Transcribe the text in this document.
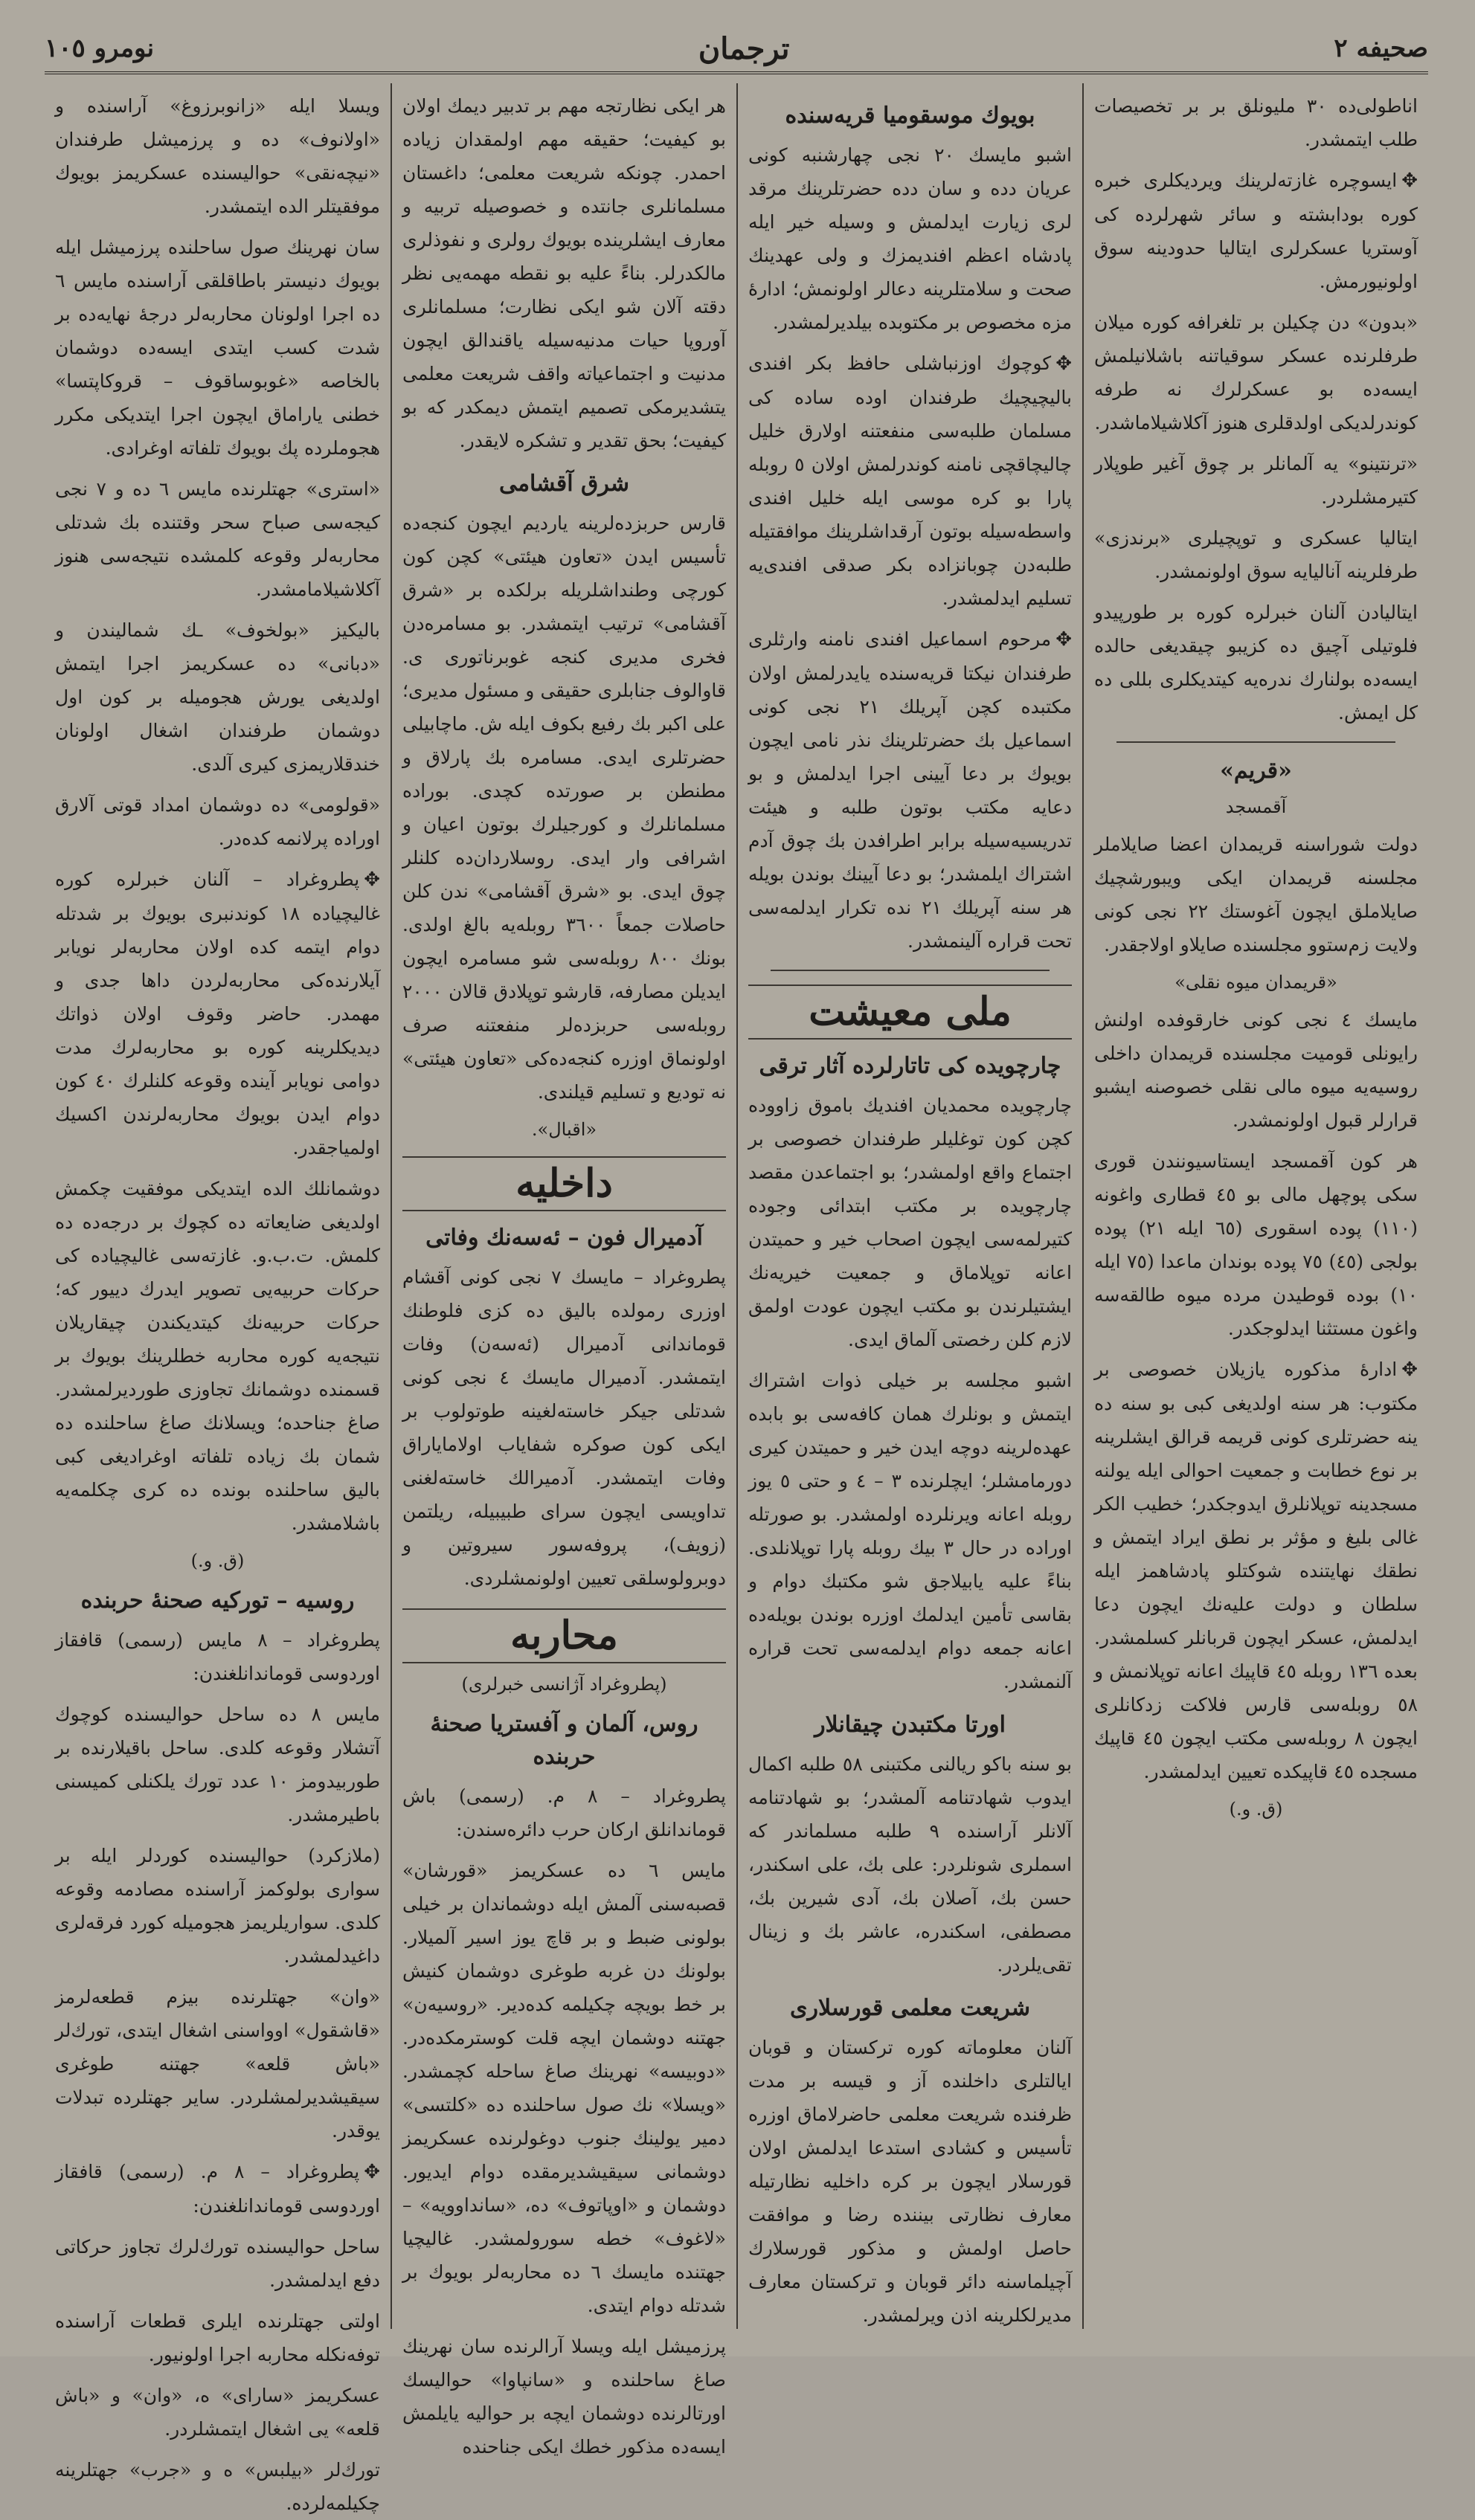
صحيفه ۲
ترجمان
نومرو ١٠٥

اناطولى‌ده ۳۰ مليونلق بر بر تخصيصات طلب ايتمشدر.

✥ايسوچره غازته‌لرينك ويرديكلرى خبره كوره بودابشته و سائر شهرلرده كى آوستريا عسكرلرى ايتاليا حدودينه سوق اولونيورمش.

«بدون» دن چكيلن بر تلغرافه كوره ميلان طرفلرنده عسكر سوقياتنه باشلانيلمش ايسه‌ده بو عسكرلرك نه طرفه كوندرلديكى اولدقلرى هنوز آكلاشيلاماشدر.

«ترنتينو» يه آلمانلر بر چوق آغير طوپلار كتيرمشلردر.

ايتاليا عسكرى و توپچيلرى «برندزى» طرفلرينه آناليايه سوق اولونمشدر.

ايتاليادن آلنان خبرلره كوره بر طورپيدو فلوتيلى آچيق ده كزيبو چيقديغى حالده ايسه‌ده بولنارك ندره‌يه كيتديكلرى بللى ده كل ايمش.

«قريم»
آقمسجد

دولت شوراسنه قريمدان اعضا صايلاملر مجلسنه قريمدان ايكى ويبورشچيك صايلاملق ايچون آغوستك ۲۲ نجى كونى ولايت زم‌ستوو مجلسنده صايلاو اولاجقدر.

«قريمدان ميوه نقلى»

مايسك ٤ نجى كونى خارقوفده اولنش رايونلى قوميت مجلسنده قريمدان داخلى روسيه‌يه ميوه مالى نقلى خصوصنه ايشبو قرارلر قبول اولونمشدر.

هر كون آقمسجد ايستاسيونندن قورى سكى پوچهل مالى بو ٤٥ قطارى واغونه (١١٠) پوده اسقورى (٦٥ ايله ٢١) پوده بولجى (٤٥) ٧٥ پوده بوندان ماعدا (٧٥ ايله ١٠) بوده قوطيدن مرده ميوه طالقه‌سه واغون مستثنا ايدلوجكدر.

✥ادارهٔ مذكوره يازيلان خصوصى بر مكتوب: هر سنه اولديغى كبى بو سنه ده ينه حضرتلرى كونى قريمه قرالق ايشلرينه بر نوع خطابت و جمعيت احوالى ايله يولنه مسجدينه توپلانلرق ايدوجكدر؛ خطيب الكر غالى بليغ و مؤثر بر نطق ايراد ايتمش و نطقك نهايتنده شوكتلو پادشاهمز ايله سلطان و دولت عليه‌نك ايچون دعا ايدلمش، عسكر ايچون قربانلر كسلمشدر. بعده ١٣٦ روبله ٤٥ قاپيك اعانه توپلانمش و ٥٨ روبله‌سى قارس فلاكت زدكانلرى ايچون ٨ روبله‌سى مكتب ايچون ٤٥ قاپيك مسجده ٤٥ قاپيكده تعيين ايدلمشدر.

(ق. و.)
بويوك موسقوميا قريه‌سنده

اشبو مايسك ۲۰ نجى چهارشنبه كونى عريان دده و سان دده حضرتلرينك مرقد لرى زيارت ايدلمش و وسيله خير ايله پادشاه اعظم افنديمزك و ولى عهدينك صحت و سلامتلرينه دعالر اولونمش؛ ادارهٔ مزه مخصوص بر مكتوبده بيلديرلمشدر.

✥كوچوك اوزنباشلى حافظ بكر افندى باليچيچيك طرفندان اوده ساده كى مسلمان طلبه‌سى منفعتنه اولارق خليل چاليچاقچى نامنه كوندرلمش اولان ٥ روبله پارا بو كره موسى ايله خليل افندى واسطه‌سيله بوتون آرقداشلرينك موافقتيله طلبه‌دن چوبانزاده بكر صدقى افندى‌يه تسليم ايدلمشدر.

✥مرحوم اسماعيل افندى نامنه وارثلرى طرفندان نيكتا قريه‌سنده يايدرلمش اولان مكتبده كچن آپريلك ۲۱ نجى كونى اسماعيل بك حضرتلرينك نذر نامى ايچون بويوك بر دعا آيينى اجرا ايدلمش و بو دعايه مكتب بوتون طلبه و هيئت تدريسيه‌سيله برابر اطرافدن بك چوق آدم اشتراك ايلمشدر؛ بو دعا آيينك بوندن بويله هر سنه آپريلك ۲۱ نده تكرار ايدلمه‌سى تحت قراره آلينمشدر.

ملى معيشت
چارچويده كى تاتارلرده آثار ترقى

چارچويده محمديان افنديك باموق زاووده كچن كون توغليلر طرفندان خصوصى بر اجتماع واقع اولمشدر؛ بو اجتماعدن مقصد چارچويده بر مكتب ابتدائى وجوده كتيرلمه‌سى ايچون اصحاب خير و حميتدن اعانه توپلاماق و جمعيت خيريه‌نك ايشتيلرندن بو مكتب ايچون عودت اولمق لازم كلن رخصتى آلماق ايدى.

اشبو مجلسه بر خيلى ذوات اشتراك ايتمش و بونلرك همان كافه‌سى بو بابده عهده‌لرينه دوچه ايدن خير و حميتدن كيرى دورمامشلر؛ ايچلرنده ۳ – ٤ و حتى ٥ يوز روبله اعانه ويرنلرده اولمشدر. بو صورتله اوراده در حال ۳ بيك روبله پارا توپلانلدى. بناءً عليه يابيلاجق شو مكتبك دوام و بقاسى تأمين ايدلمك اوزره بوندن بويله‌ده اعانه جمعه دوام ايدلمه‌سى تحت قراره آلنمشدر.

اورتا مكتبدن چيقانلار

بو سنه باكو ريالنى مكتبنى ٥٨ طلبه اكمال ايدوب شهادتنامه آلمشدر؛ بو شهادتنامه آلانلر آراسنده ٩ طلبه مسلماندر كه اسملرى شونلردر: على بك، على اسكندر، حسن بك، آصلان بك، آدى شيرين بك، مصطفى، اسكندره، عاشر بك و زينال تقى‌يلردر.

شريعت معلمى قورسلارى

آلنان معلوماته كوره تركستان و قوبان ايالتلرى داخلنده آز و قيسه بر مدت ظرفنده شريعت معلمى حاضرلاماق اوزره تأسيس و كشادى استدعا ايدلمش اولان قورسلار ايچون بر كره داخليه نظارتيله معارف نظارتى بيننده رضا و موافقت حاصل اولمش و مذكور قورسلارك آچيلماسنه دائر قوبان و تركستان معارف مديرلكلرينه اذن ويرلمشدر.

هر ايكى نظارتجه مهم بر تدبير ديمك اولان بو كيفيت؛ حقيقه مهم اولمقدان زياده احمدر. چونكه شريعت معلمى؛ داغستان مسلمانلرى جانتده و خصوصيله تربيه و معارف ايشلرينده بويوك رولرى و نفوذلرى مالكدرلر. بناءً عليه بو نقطه مهمه‌يى نظر دقته آلان شو ايكى نظارت؛ مسلمانلرى آوروپا حيات مدنيه‌سيله ياقندالق ايچون مدنيت و اجتماعياته واقف شريعت معلمى يتشديرمكى تصميم ايتمش ديمكدر كه بو كيفيت؛ بحق تقدير و تشكره لايقدر.

شرق آقشامى

قارس حربزده‌لرينه يارديم ايچون كنجه‌ده تأسيس ايدن «تعاون هيئتى» كچن كون كورچى وطنداشلريله برلكده بر «شرق آقشامى» ترتيب ايتمشدر. بو مسامره‌دن فخرى مديرى كنجه غوبرناتورى ى. قاوالوف جنابلرى حقيقى و مسئول مديرى؛ على اكبر بك رفيع بكوف ايله ش. ماچابيلى حضرتلرى ايدى. مسامره بك پارلاق و مطنطن بر صورتده كچدى. بوراده مسلمانلرك و كورجيلرك بوتون اعيان و اشرافى وار ايدى. روسلاردان‌ده كلنلر چوق ايدى. بو «شرق آقشامى» ندن كلن حاصلات جمعاً ۳٦٠٠ روبله‌يه بالغ اولدى. بونك ٨٠٠ روبله‌سى شو مسامره ايچون ايديلن مصارفه، قارشو توپلادق قالان ٢٠٠٠ روبله‌سى حربزده‌لر منفعتنه صرف اولونماق اوزره كنجه‌ده‌كى «تعاون هيئتى» نه توديع و تسليم قيلندى.

«اقبال».
داخليه
آدميرال فون – ئه‌سه‌نك وفاتى

پطروغراد – مايسك ٧ نجى كونى آقشام اوزرى رمولده باليق ده كزى فلوطنك قوماندانى آدميرال (ئه‌سه‌ن) وفات ايتمشدر. آدميرال مايسك ٤ نجى كونى شدتلى جيكر خاسته‌لغينه طوتولوب بر ايكى كون صوكره شفاياب اولاماياراق وفات ايتمشدر. آدميرالك خاسته‌لغنى تداويسى ايچون سراى طبيبيله، ريلتمن (زويف)، پروفه‌سور سيروتين و دوبرولوسلقى تعيين اولونمشلردى.

محاربه
(پطروغراد آژانسى خبرلرى)
روس، آلمان و آفستريا صحنهٔ حربنده

پطروغراد – ٨ م. (رسمى) باش قوماندانلق اركان حرب دائره‌سندن:

مايس ٦ ده عسكريمز «قورشان» قصبه‌سنى آلمش ايله دوشماندان بر خيلى بولونى ضبط و بر قاچ يوز اسير آلميلار. بولونك دن غربه طوغرى دوشمان كنيش بر خط بويچه چكيلمه كده‌دير. «روسيه‌ن» جهتنه دوشمان ايچه قلت كوسترمكده‌در. «دوبيسه» نهرينك صاغ ساحله كچمشدر. «ويسلا» نك صول ساحلنده ده «كلتسى» دمير يولينك جنوب دوغولرنده عسكريمز دوشمانى سيقيشديرمقده دوام ايديور. دوشمان و «اوپاتوف» ده، «سانداوويه» – «لاغوف» خطه سورولمشدر. غاليچيا جهتنده مايسك ٦ ده محاربه‌لر بويوك بر شدتله دوام ايتدى.

پرزميشل ايله ويسلا آرالرنده سان نهرينك صاغ ساحلنده و «سانپاوا» حواليسك اورتالرنده دوشمان ايچه بر حواليه يايلمش ايسه‌ده مذكور خطك ايكى جناحنده

ويسلا ايله «زانوبرزوغ» آراسنده و «اولانوف» ده و پرزميشل طرفندان «نيچه‌نقى» حواليسنده عسكريمز بويوك موفقيتلر الده ايتمشدر.

سان نهرينك صول ساحلنده پرزميشل ايله بويوك دنيستر باطاقلقى آراسنده مايس ٦ ده اجرا اولونان محاربه‌لر درجهٔ نهايه‌ده بر شدت كسب ايتدى ايسه‌ده دوشمان بالخاصه «غوبوساقوف – قروكاپتسا» خطنى ياراماق ايچون اجرا ايتديكى مكرر هجوملرده پك بويوك تلفاته اوغرادى.

«استرى» جهتلرنده مايس ٦ ده و ٧ نجى كيجه‌سى صباح سحر وقتنده بك شدتلى محاربه‌لر وقوعه كلمشده نتيجه‌سى هنوز آكلاشيلامامشدر.

باليكيز «بولخوف» ـك شماليندن و «دبانى» ده عسكريمز اجرا ايتمش اولديغى يورش هجوميله بر كون اول دوشمان طرفندان اشغال اولونان خندقلاريمزى كيرى آلدى.

«قولومى» ده دوشمان امداد قوتى آلارق اوراده پرلانمه كده‌در.

✥پطروغراد – آلنان خبرلره كوره غاليچياده ١٨ كوندنبرى بويوك بر شدتله دوام ايتمه كده اولان محاربه‌لر نويابر آيلارنده‌كى محاربه‌لردن داها جدى و مهمدر. حاضر وقوف اولان ذواتك ديديكلرينه كوره بو محاربه‌لرك مدت دوامى نويابر آينده وقوعه كلنلرك ٤٠ كون دوام ايدن بويوك محاربه‌لرندن اكسيك اولمياجقدر.

دوشمانلك الده ايتديكى موفقيت چكمش اولديغى ضايعاته ده كچوك بر درجه‌ده ده كلمش. ت.ب.و. غازته‌سى غاليچياده كى حركات حربيه‌يى تصوير ايدرك دييور كه؛ حركات حربيه‌نك كيتديكندن چيقاريلان نتيجه‌يه كوره محاربه خطلرينك بويوك بر قسمنده دوشمانك تجاوزى طورديرلمشدر. صاغ جناحده؛ ويسلانك صاغ ساحلنده ده شمان بك زياده تلفاته اوغراديغى كبى باليق ساحلنده بونده ده كرى چكلمه‌يه باشلامشدر.

(ق. و.)
روسيه – توركيه صحنهٔ حربنده

پطروغراد – ٨ مايس (رسمى) قافقاز اوردوسى قوماندانلغندن:

مايس ٨ ده ساحل حواليسنده كوچوك آتشلار وقوعه كلدى. ساحل باقيلارنده بر طوربيدومز ١٠ عدد تورك يلكنلى كميسنى باطيرمشدر.

(ملازكرد) حواليسنده كوردلر ايله بر سوارى بولوكمز آراسنده مصادمه وقوعه كلدى. سواريلريمز هجوميله كورد فرقه‌لرى داغيدلمشدر.

«وان» جهتلرنده بيزم قطعه‌لرمز «قاشقول» اووا‌سنى اشغال ايتدى، تورك‌لر «باش قلعه» جهتنه طوغرى سيقيشديرلمشلردر. ساير جهتلرده تبدلات يوقدر.

✥پطروغراد – ٨ م. (رسمى) قافقاز اوردوسى قوماندانلغندن:

ساحل حواليسنده تورك‌لرك تجاوز حركاتى دفع ايدلمشدر.

اولتى جهتلرنده ايلرى قطعات آراسنده توفه‌نكله محاربه اجرا اولونيور.

عسكريمز «سارای» ه، «وان» و «باش قلعه» يى اشغال ايتمشلردر.

تورك‌لر «بيلبس» ه و «جرب» جهتلرينه چكيلمه‌لرده.
